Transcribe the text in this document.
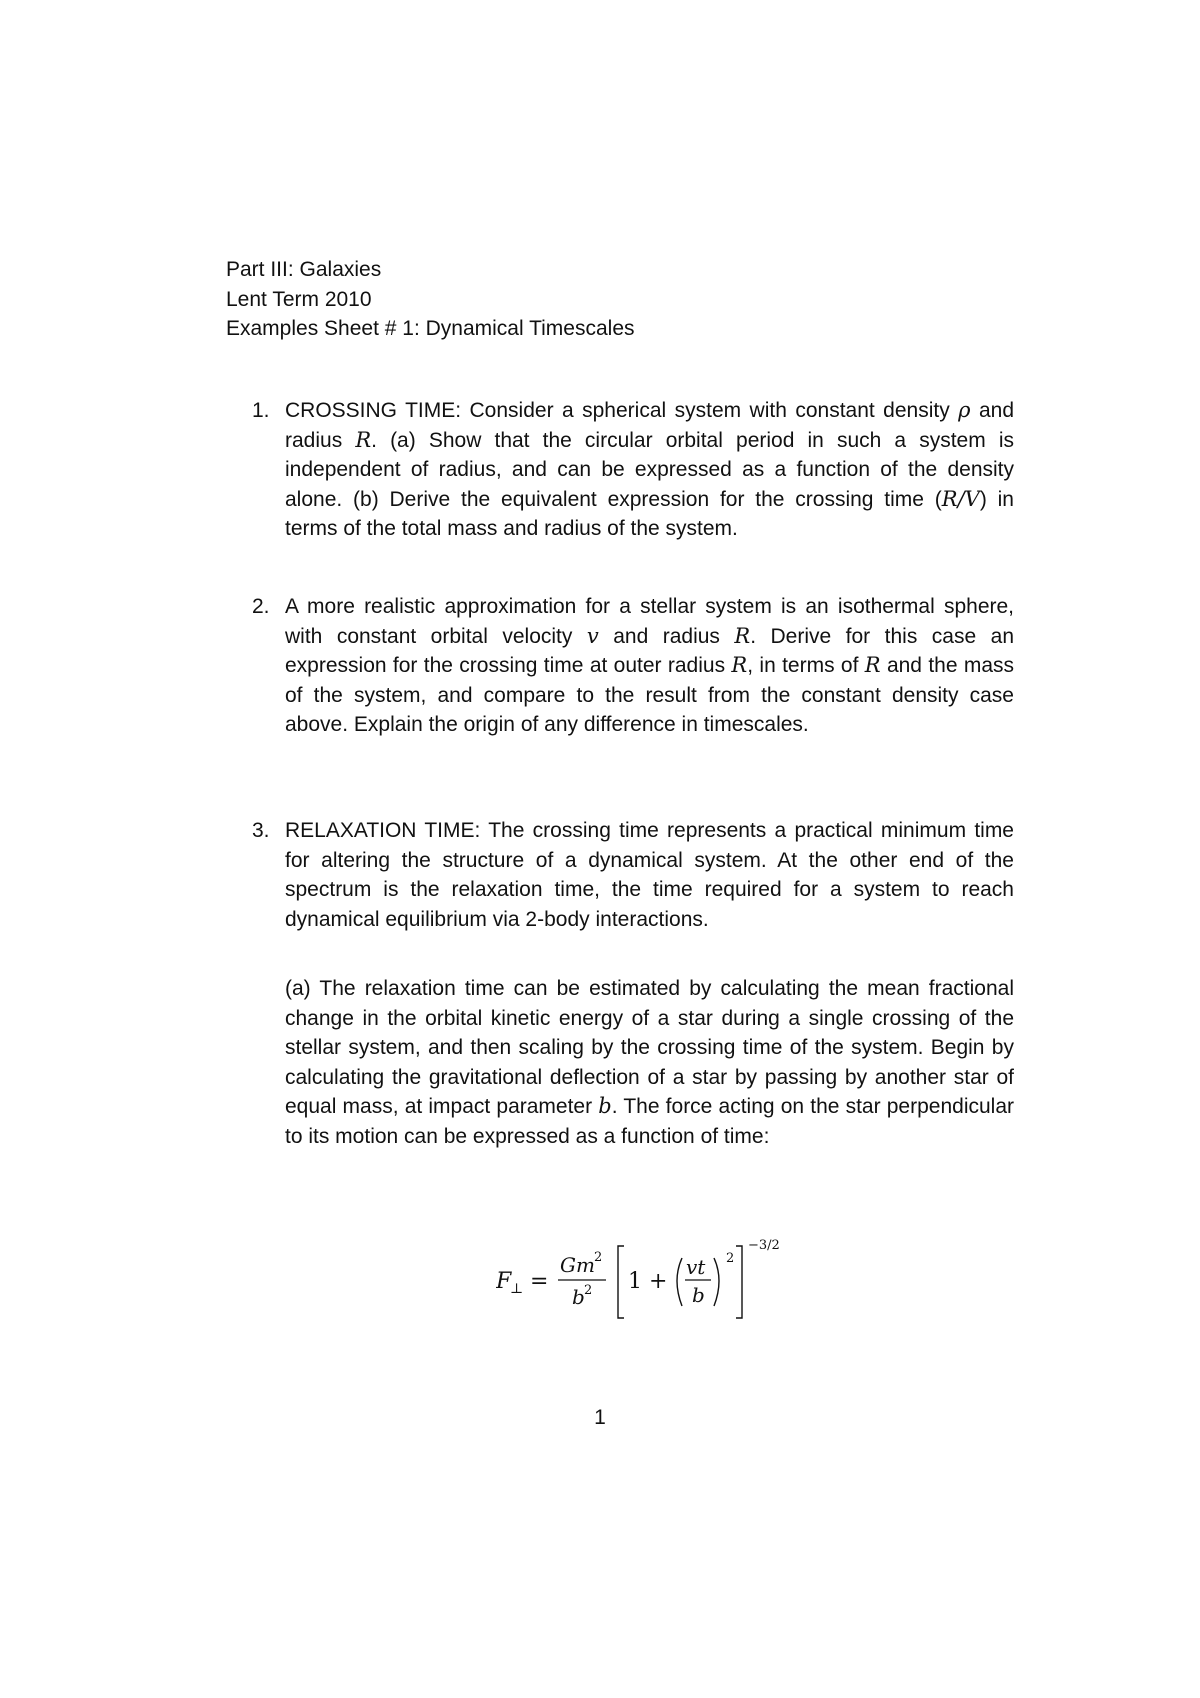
Part III: Galaxies
Lent Term 2010
Examples Sheet # 1: Dynamical Timescales
1. CROSSING TIME: Consider a spherical system with constant density ρ and radius R. (a) Show that the circular orbital period in such a system is independent of radius, and can be expressed as a function of the density alone. (b) Derive the equivalent expression for the crossing time (R/V) in terms of the total mass and radius of the system.

2. A more realistic approximation for a stellar system is an isothermal sphere, with constant orbital velocity v and radius R. Derive for this case an expression for the crossing time at outer radius R, in terms of R and the mass of the system, and compare to the result from the constant density case above. Explain the origin of any difference in timescales.

3. RELAXATION TIME: The crossing time represents a practical minimum time for altering the structure of a dynamical system. At the other end of the spectrum is the relaxation time, the time required for a system to reach dynamical equilibrium via 2-body interactions.

(a) The relaxation time can be estimated by calculating the mean fractional change in the orbital kinetic energy of a star during a single crossing of the stellar system, and then scaling by the crossing time of the system. Begin by calculating the gravitational deflection of a star by passing by another star of equal mass, at impact parameter b. The force acting on the star perpendicular to its motion can be expressed as a function of time:

F
⊥ =
Gm 2
b 2 1 +
vt
b
2
−3/2
1
